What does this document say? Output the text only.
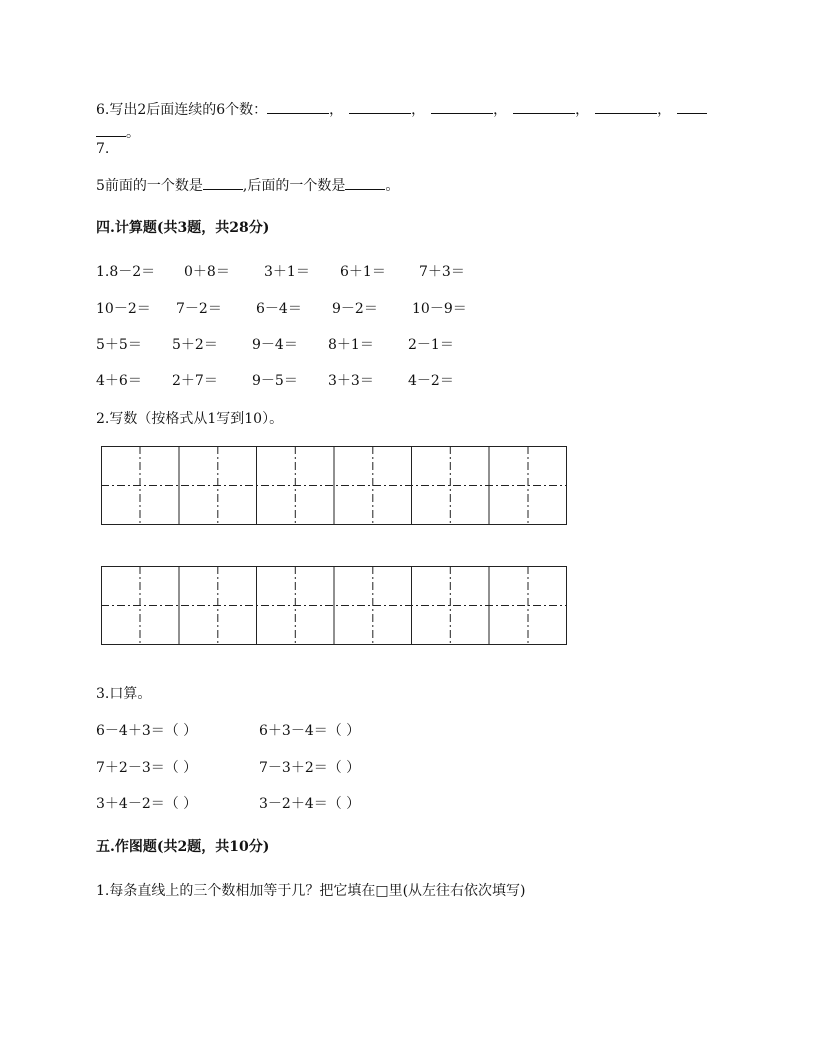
6.写出2后面连续的6个数：	，	，	，	，	，
。
7.
5前面的一个数是	,后面的一个数是	。
四.计算题(共3题，共28分)
1.8－2＝ 0＋8＝ 3＋1＝ 6＋1＝ 7＋3＝
10－2＝ 7－2＝ 6－4＝ 9－2＝ 10－9＝
5＋5＝ 5＋2＝ 9－4＝ 8＋1＝ 2－1＝
4＋6＝ 2＋7＝ 9－5＝ 3＋3＝ 4－2＝
2.写数（按格式从1写到10）。
3.口算。
6－4＋3＝（ ）	6＋3－4＝（ ）
7＋2－3＝（ ）	7－3＋2＝（ ）
3＋4－2＝（ ）	3－2＋4＝（ ）
五.作图题(共2题，共10分)
1.每条直线上的三个数相加等于几？把它填在□里(从左往右依次填写)
